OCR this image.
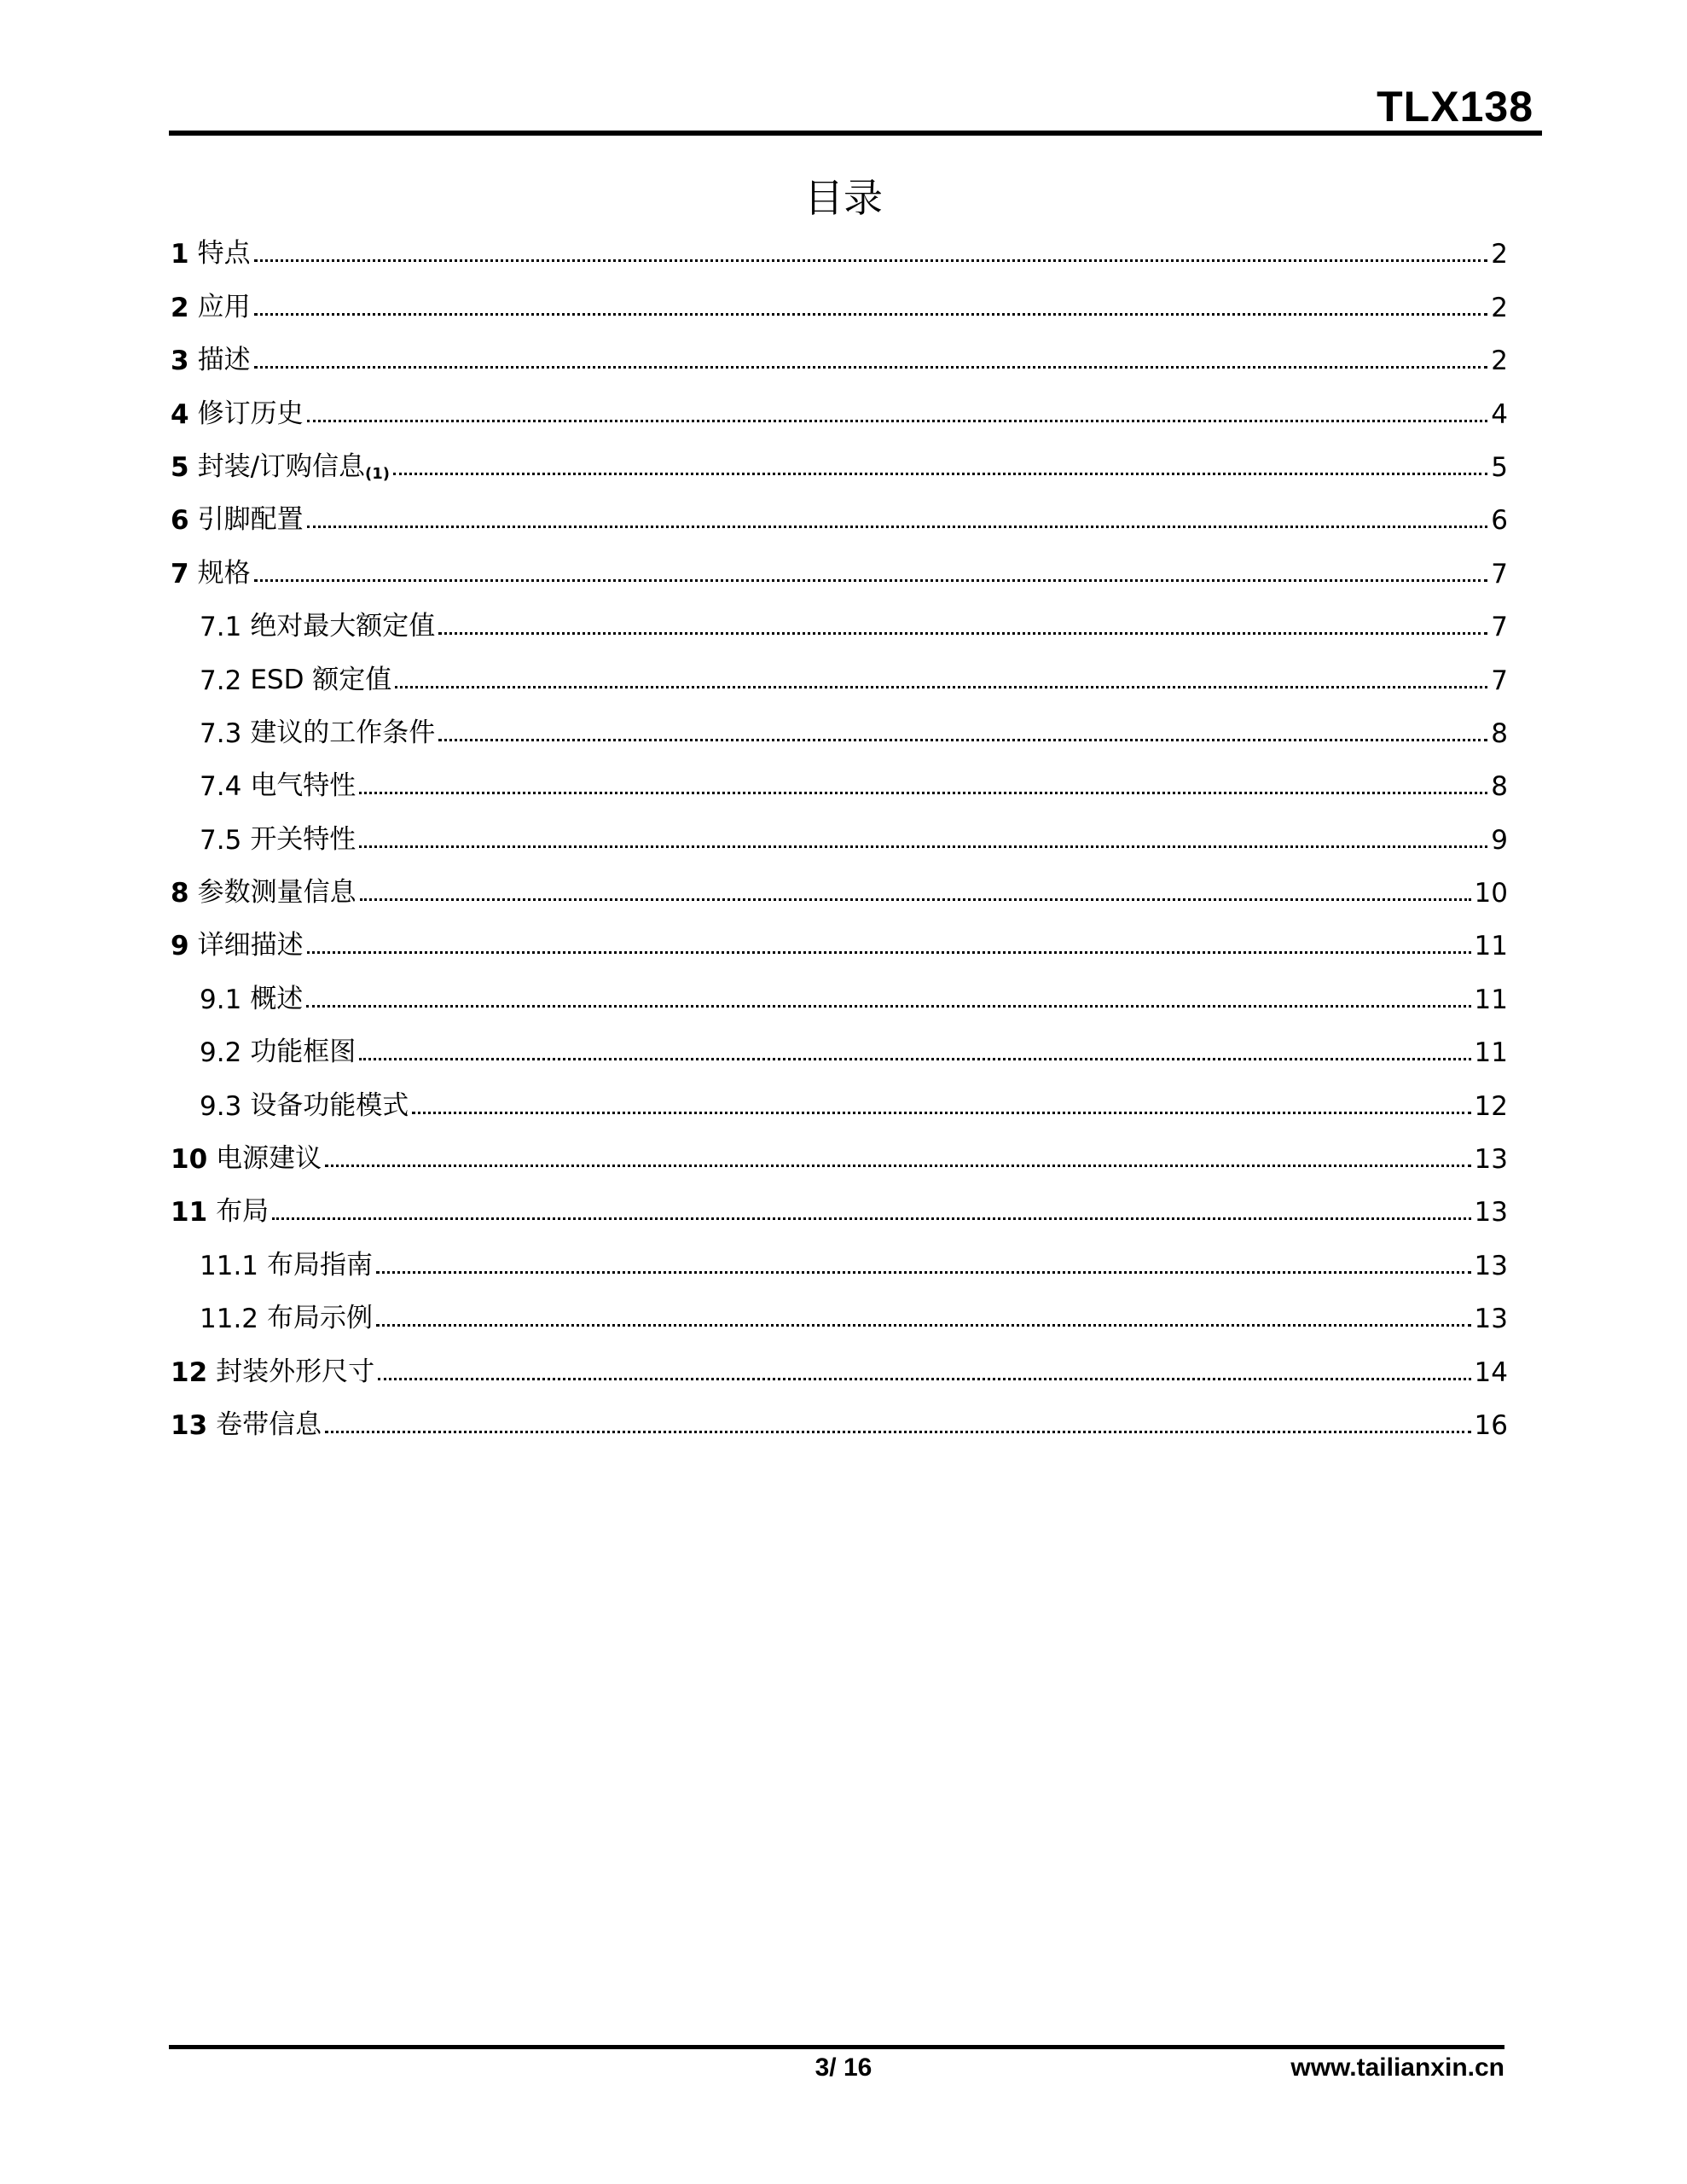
TLX138
目录
1 特点	2
2 应用	2
3 描述	2
4 修订历史	4
5 封装/订购信息 (1)	5
6 引脚配置	6
7 规格	7
7.1 绝对最大额定值	7
7.2 ESD 额定值	7
7.3 建议的工作条件	8
7.4 电气特性	8
7.5 开关特性	9
8 参数测量信息	10
9 详细描述	11
9.1 概述	11
9.2 功能框图	11
9.3 设备功能模式	12
10 电源建议	13
11 布局	13
11.1 布局指南	13
11.2 布局示例	13
12 封装外形尺寸	14
13 卷带信息	16
3/ 16	www.tailianxin.cn
